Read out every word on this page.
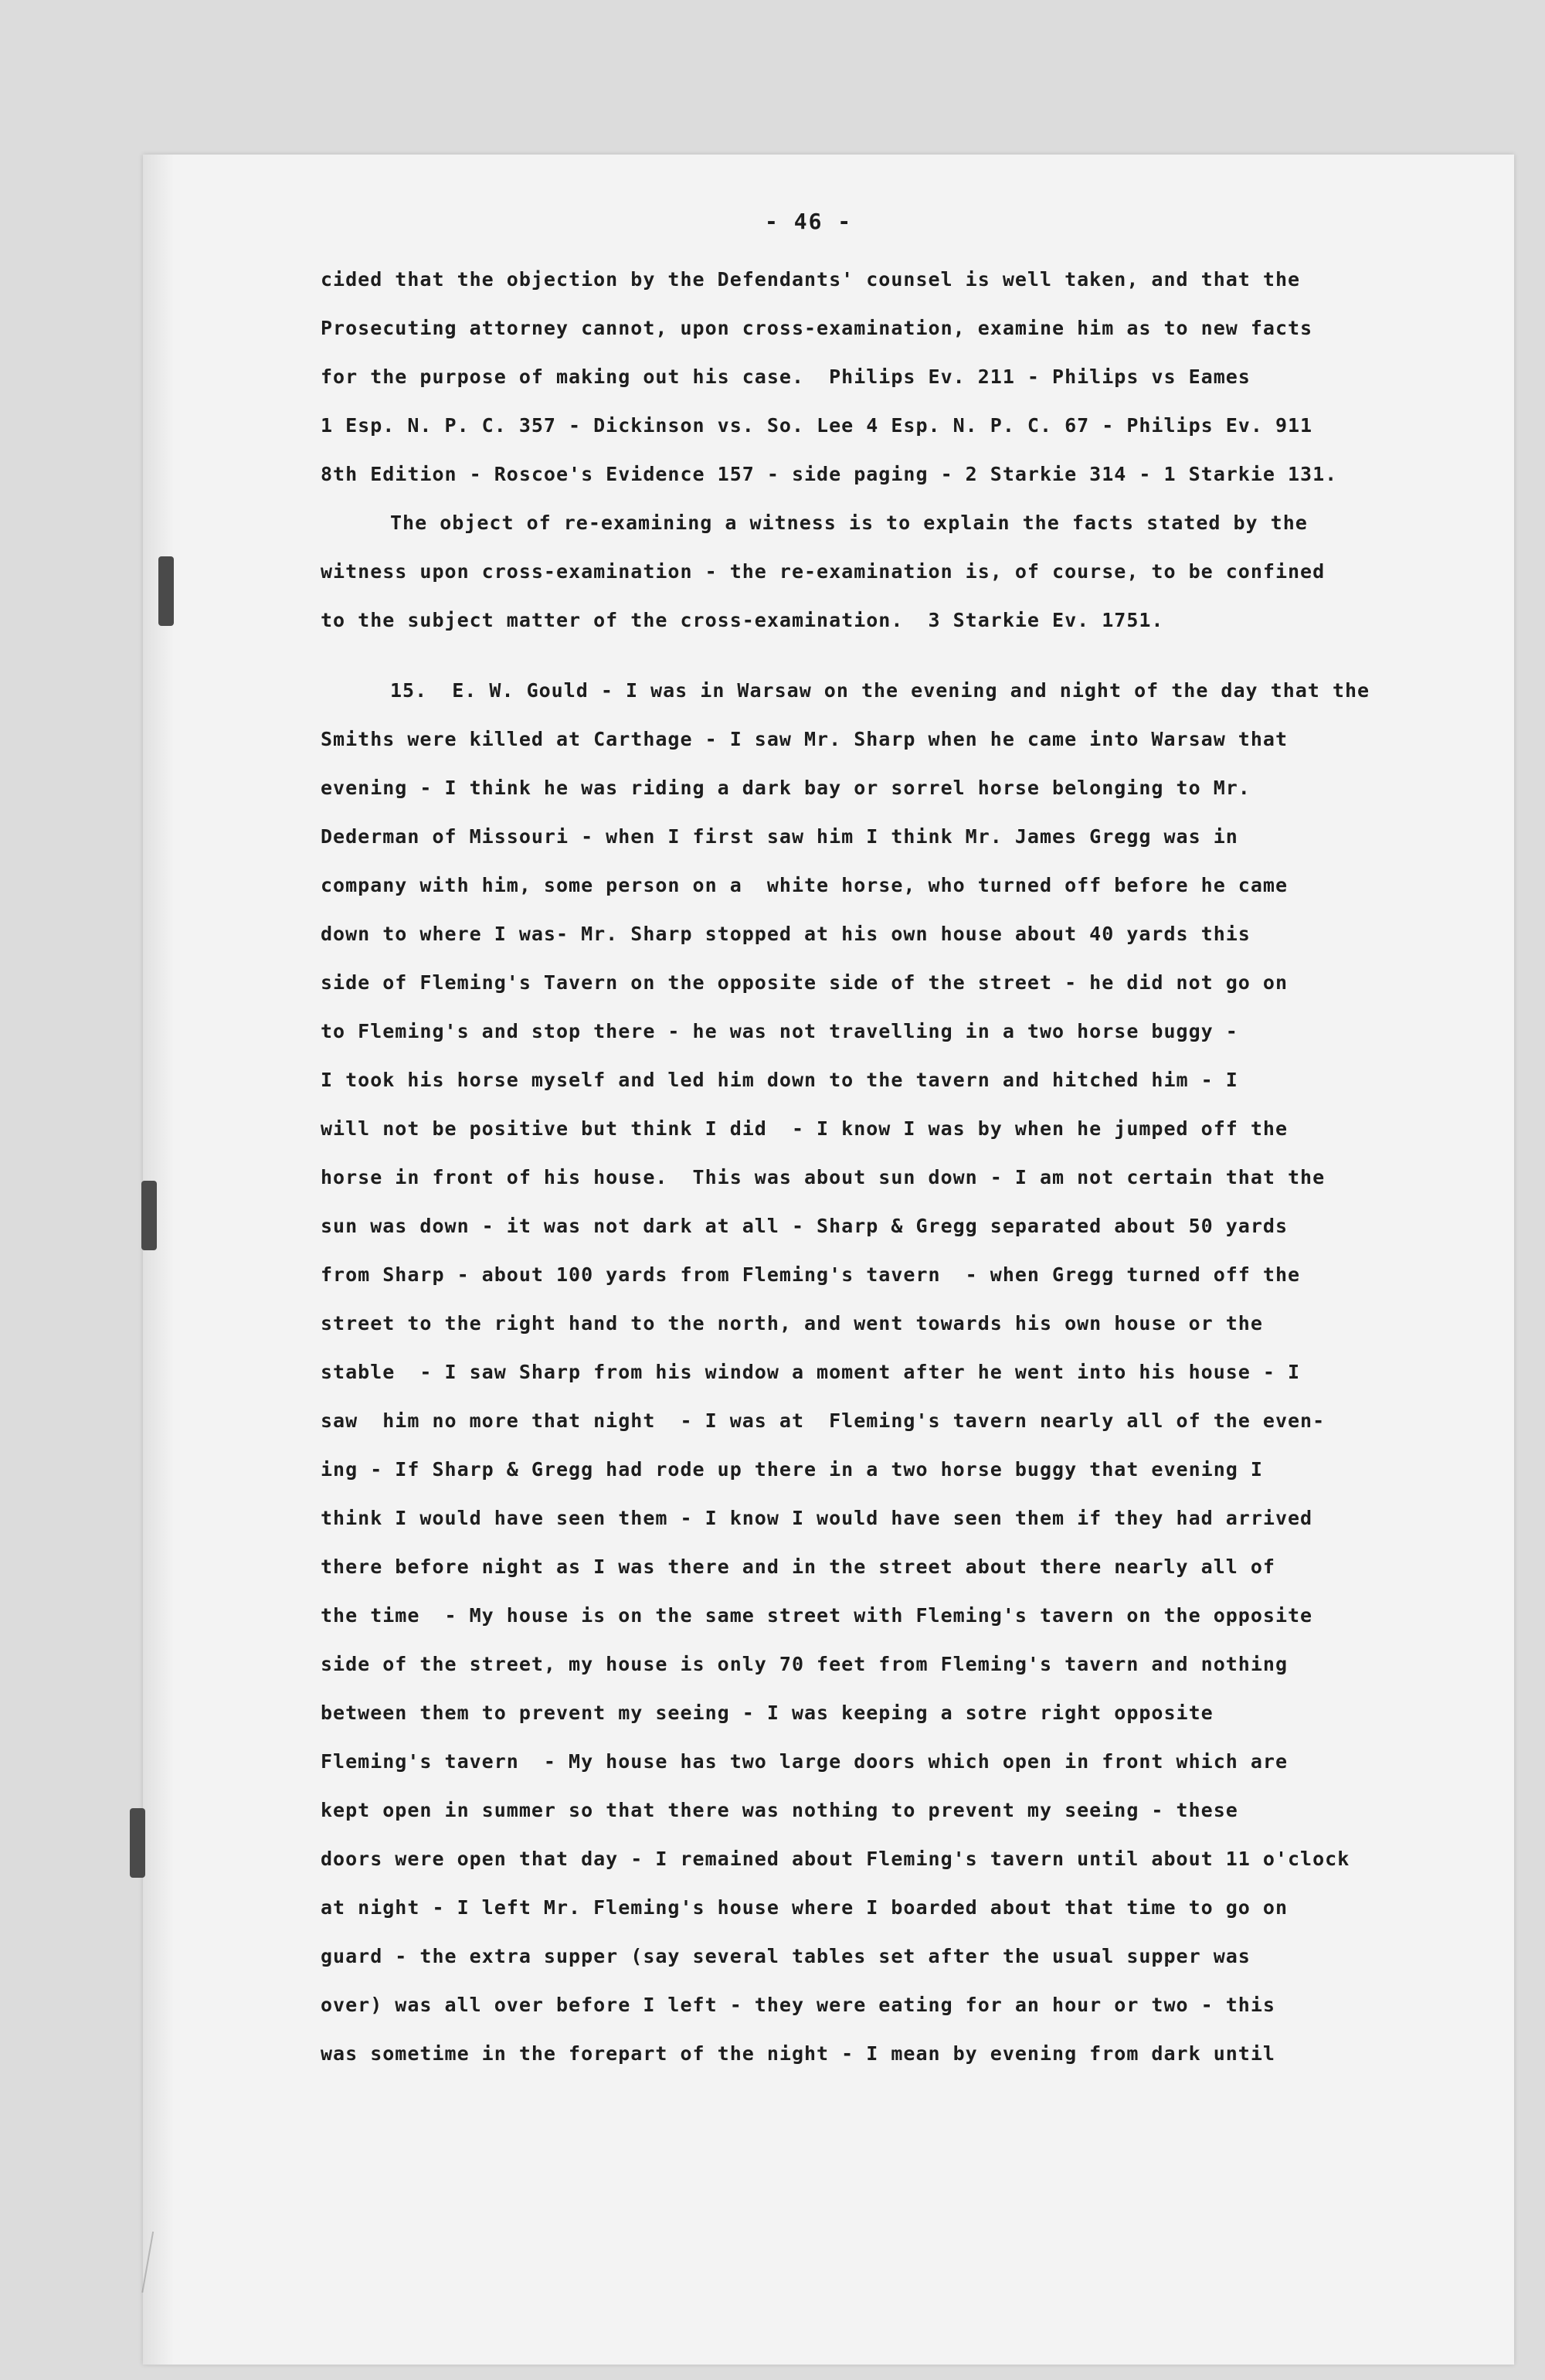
- 46 -
cided that the objection by the Defendants' counsel is well taken, and that the
Prosecuting attorney cannot, upon cross-examination, examine him as to new facts
for the purpose of making out his case.  Philips Ev. 211 - Philips vs Eames
1 Esp. N. P. C. 357 - Dickinson vs. So. Lee 4 Esp. N. P. C. 67 - Philips Ev. 911
8th Edition - Roscoe's Evidence 157 - side paging - 2 Starkie 314 - 1 Starkie 131.
The object of re-examining a witness is to explain the facts stated by the
witness upon cross-examination - the re-examination is, of course, to be confined
to the subject matter of the cross-examination.  3 Starkie Ev. 1751.
15.  E. W. Gould - I was in Warsaw on the evening and night of the day that the
Smiths were killed at Carthage - I saw Mr. Sharp when he came into Warsaw that
evening - I think he was riding a dark bay or sorrel horse belonging to Mr.
Dederman of Missouri - when I first saw him I think Mr. James Gregg was in
company with him, some person on a  white horse, who turned off before he came
down to where I was- Mr. Sharp stopped at his own house about 40 yards this
side of Fleming's Tavern on the opposite side of the street - he did not go on
to Fleming's and stop there - he was not travelling in a two horse buggy -
I took his horse myself and led him down to the tavern and hitched him - I
will not be positive but think I did  - I know I was by when he jumped off the
horse in front of his house.  This was about sun down - I am not certain that the
sun was down - it was not dark at all - Sharp & Gregg separated about 50 yards
from Sharp - about 100 yards from Fleming's tavern  - when Gregg turned off the
street to the right hand to the north, and went towards his own house or the
stable  - I saw Sharp from his window a moment after he went into his house - I
saw  him no more that night  - I was at  Fleming's tavern nearly all of the even-
ing - If Sharp & Gregg had rode up there in a two horse buggy that evening I
think I would have seen them - I know I would have seen them if they had arrived
there before night as I was there and in the street about there nearly all of
the time  - My house is on the same street with Fleming's tavern on the opposite
side of the street, my house is only 70 feet from Fleming's tavern and nothing
between them to prevent my seeing - I was keeping a sotre right opposite
Fleming's tavern  - My house has two large doors which open in front which are
kept open in summer so that there was nothing to prevent my seeing - these
doors were open that day - I remained about Fleming's tavern until about 11 o'clock
at night - I left Mr. Fleming's house where I boarded about that time to go on
guard - the extra supper (say several tables set after the usual supper was
over) was all over before I left - they were eating for an hour or two - this
was sometime in the forepart of the night - I mean by evening from dark until
